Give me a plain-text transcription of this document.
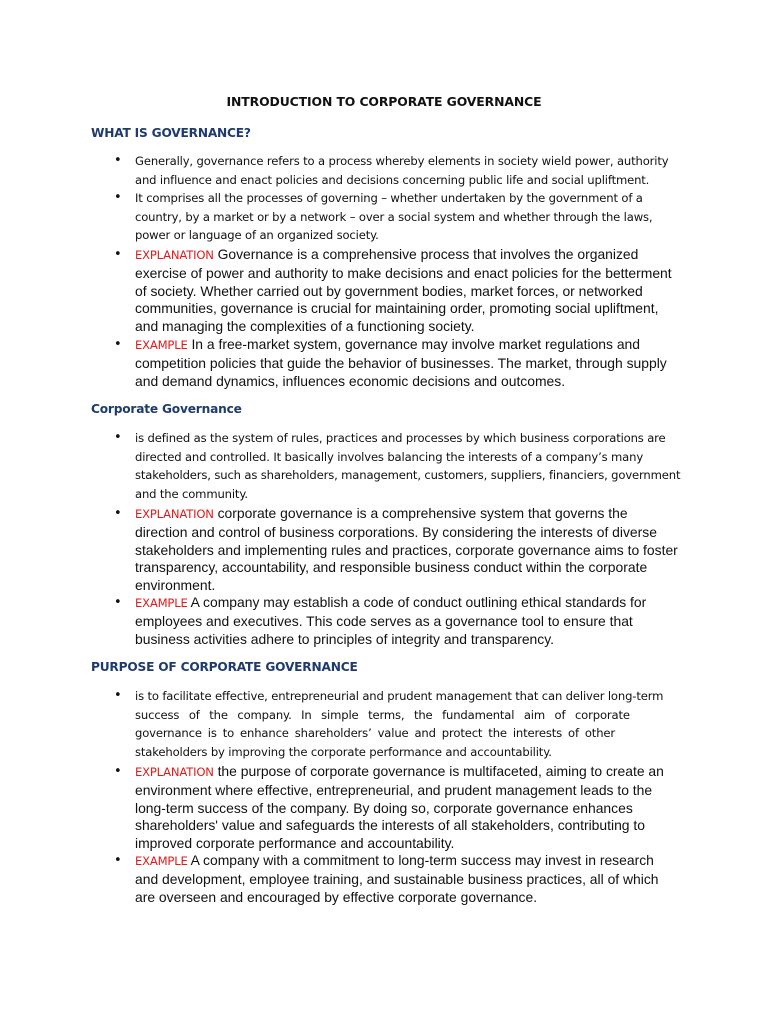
INTRODUCTION TO CORPORATE GOVERNANCE
WHAT IS GOVERNANCE?
• Generally, governance refers to a process whereby elements in society wield power, authority
and influence and enact policies and decisions concerning public life and social upliftment.
• It comprises all the processes of governing – whether undertaken by the government of a
country, by a market or by a network – over a social system and whether through the laws,
power or language of an organized society.
• EXPLANATION Governance is a comprehensive process that involves the organized
exercise of power and authority to make decisions and enact policies for the betterment
of society. Whether carried out by government bodies, market forces, or networked
communities, governance is crucial for maintaining order, promoting social upliftment,
and managing the complexities of a functioning society.
• EXAMPLE In a free-market system, governance may involve market regulations and
competition policies that guide the behavior of businesses. The market, through supply
and demand dynamics, influences economic decisions and outcomes.
Corporate Governance
• is defined as the system of rules, practices and processes by which business corporations are
directed and controlled. It basically involves balancing the interests of a company’s many
stakeholders, such as shareholders, management, customers, suppliers, financiers, government
and the community.
• EXPLANATION corporate governance is a comprehensive system that governs the
direction and control of business corporations. By considering the interests of diverse
stakeholders and implementing rules and practices, corporate governance aims to foster
transparency, accountability, and responsible business conduct within the corporate
environment.
• EXAMPLE A company may establish a code of conduct outlining ethical standards for
employees and executives. This code serves as a governance tool to ensure that
business activities adhere to principles of integrity and transparency.
PURPOSE OF CORPORATE GOVERNANCE
• is to facilitate effective, entrepreneurial and prudent management that can deliver long-term
success of the company. In simple terms, the fundamental aim of corporate
governance is to enhance shareholders’ value and protect the interests of other
stakeholders by improving the corporate performance and accountability.
• EXPLANATION the purpose of corporate governance is multifaceted, aiming to create an
environment where effective, entrepreneurial, and prudent management leads to the
long-term success of the company. By doing so, corporate governance enhances
shareholders' value and safeguards the interests of all stakeholders, contributing to
improved corporate performance and accountability.
• EXAMPLE A company with a commitment to long-term success may invest in research
and development, employee training, and sustainable business practices, all of which
are overseen and encouraged by effective corporate governance.
